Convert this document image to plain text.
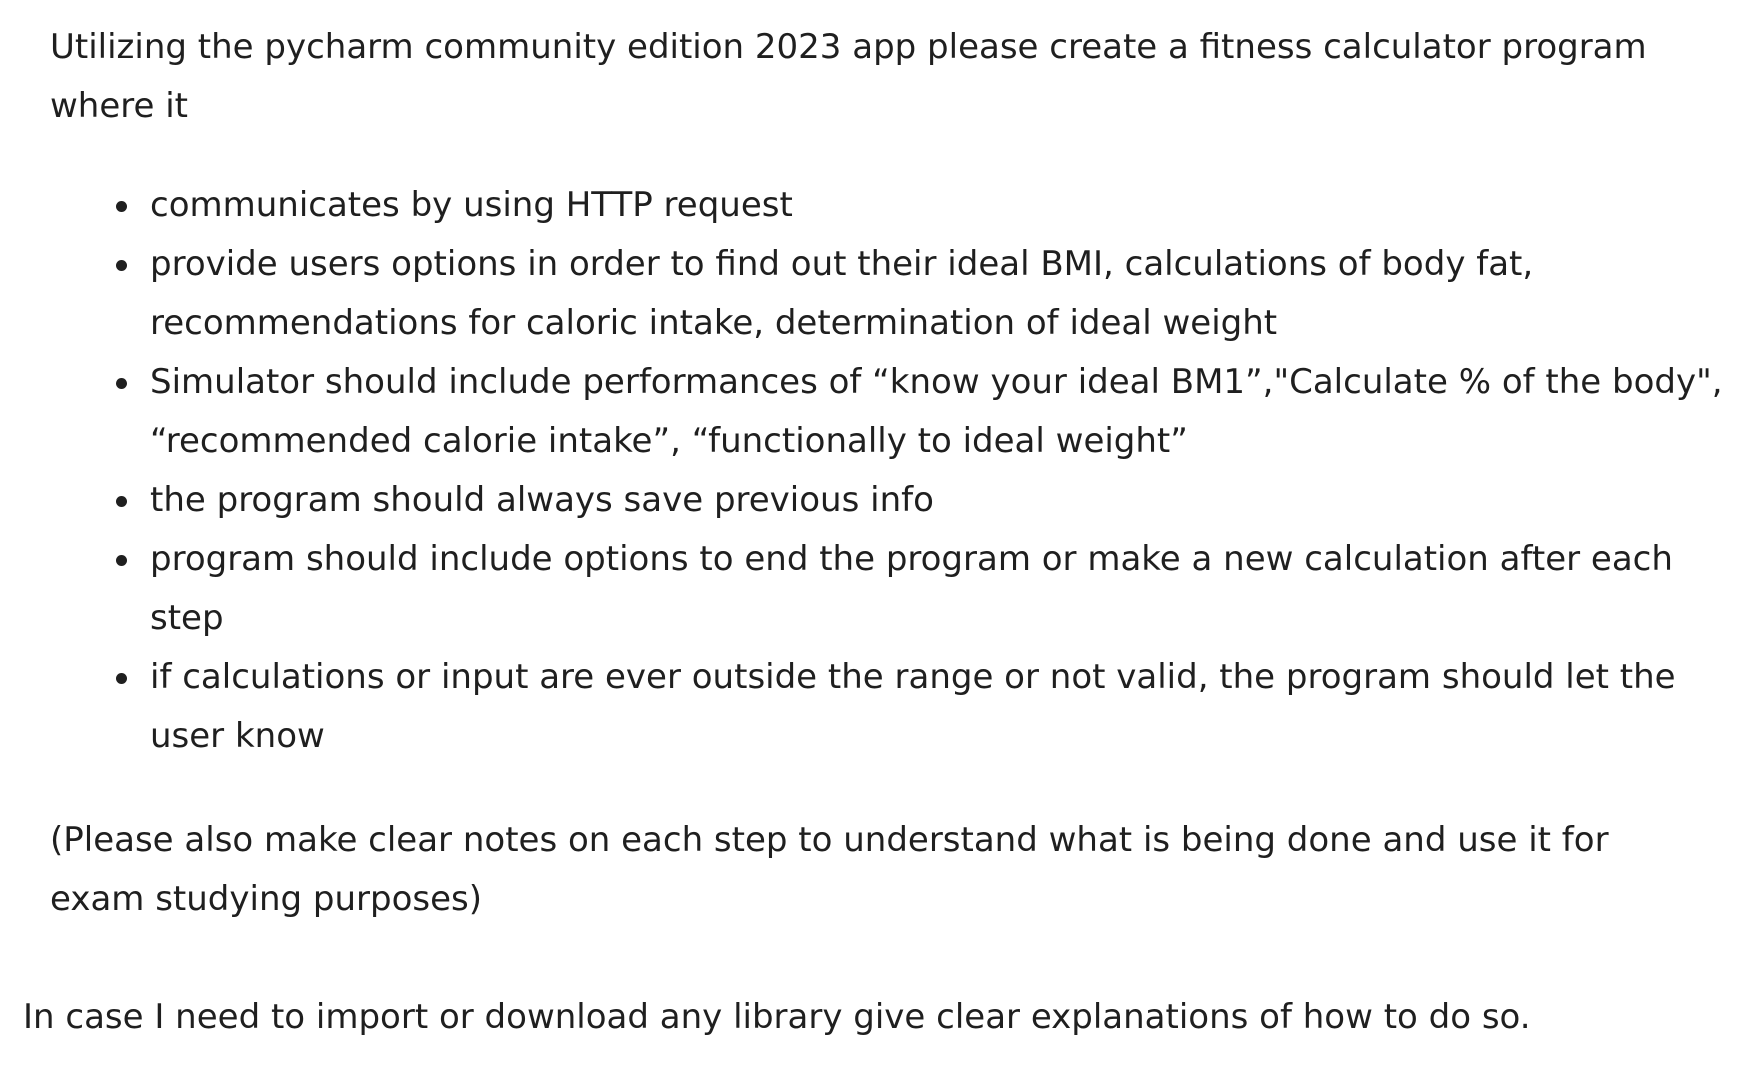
Utilizing the pycharm community edition 2023 app please create a fitness calculator program where it

communicates by using HTTP request
provide users options in order to find out their ideal BMI, calculations of body fat, recommendations for caloric intake, determination of ideal weight
Simulator should include performances of “know your ideal BM1”,"Calculate % of the body", “recommended calorie intake”, “functionally to ideal weight”
the program should always save previous info
program should include options to end the program or make a new calculation after each step
if calculations or input are ever outside the range or not valid, the program should let the user know

(Please also make clear notes on each step to understand what is being done and use it for exam studying purposes)

In case I need to import or download any library give clear explanations of how to do so.
